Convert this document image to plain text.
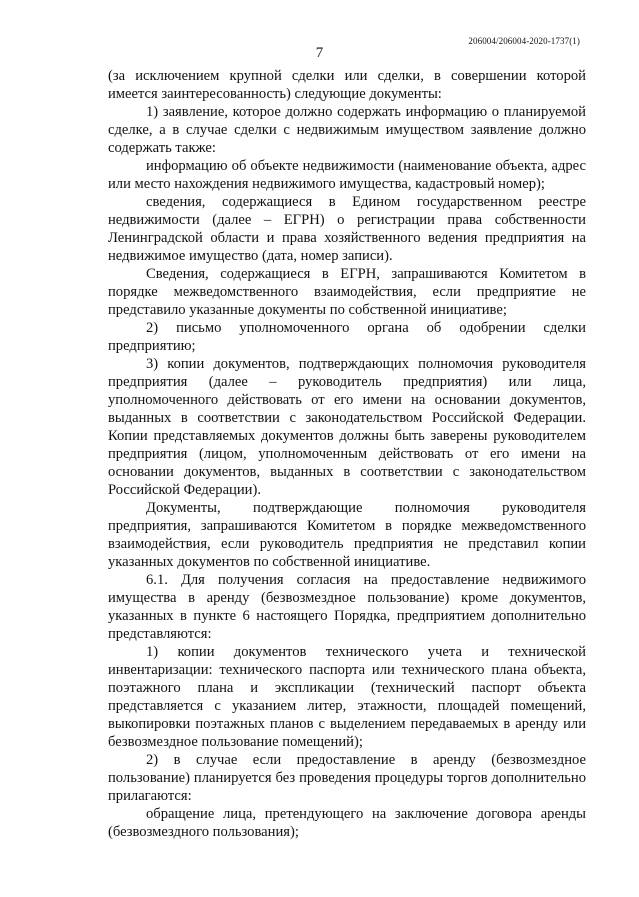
206004/206004-2020-1737(1)
7

(за исключением крупной сделки или сделки, в совершении которой имеется заинтересованность) следующие документы:

1) заявление, которое должно содержать информацию о планируемой сделке, а в случае сделки с недвижимым имуществом заявление должно содержать также:

информацию об объекте недвижимости (наименование объекта, адрес или место нахождения недвижимого имущества, кадастровый номер);

сведения, содержащиеся в Едином государственном реестре недвижимости (далее – ЕГРН) о регистрации права собственности Ленинградской области и права хозяйственного ведения предприятия на недвижимое имущество (дата, номер записи).

Сведения, содержащиеся в ЕГРН, запрашиваются Комитетом в порядке межведомственного взаимодействия, если предприятие не представило указанные документы по собственной инициативе;

2) письмо уполномоченного органа об одобрении сделки предприятию;

3) копии документов, подтверждающих полномочия руководителя предприятия (далее – руководитель предприятия) или лица, уполномоченного действовать от его имени на основании документов, выданных в соответствии с законодательством Российской Федерации. Копии представляемых документов должны быть заверены руководителем предприятия (лицом, уполномоченным действовать от его имени на основании документов, выданных в соответствии с законодательством Российской Федерации).

Документы, подтверждающие полномочия руководителя предприятия, запрашиваются Комитетом в порядке межведомственного взаимодействия, если руководитель предприятия не представил копии указанных документов по собственной инициативе.

6.1. Для получения согласия на предоставление недвижимого имущества в аренду (безвозмездное пользование) кроме документов, указанных в пункте 6 настоящего Порядка, предприятием дополнительно представляются:

1) копии документов технического учета и технической инвентаризации: технического паспорта или технического плана объекта, поэтажного плана и экспликации (технический паспорт объекта представляется с указанием литер, этажности, площадей помещений, выкопировки поэтажных планов с выделением передаваемых в аренду или безвозмездное пользование помещений);

2) в случае если предоставление в аренду (безвозмездное пользование) планируется без проведения процедуры торгов дополнительно прилагаются:

обращение лица, претендующего на заключение договора аренды (безвозмездного пользования);
